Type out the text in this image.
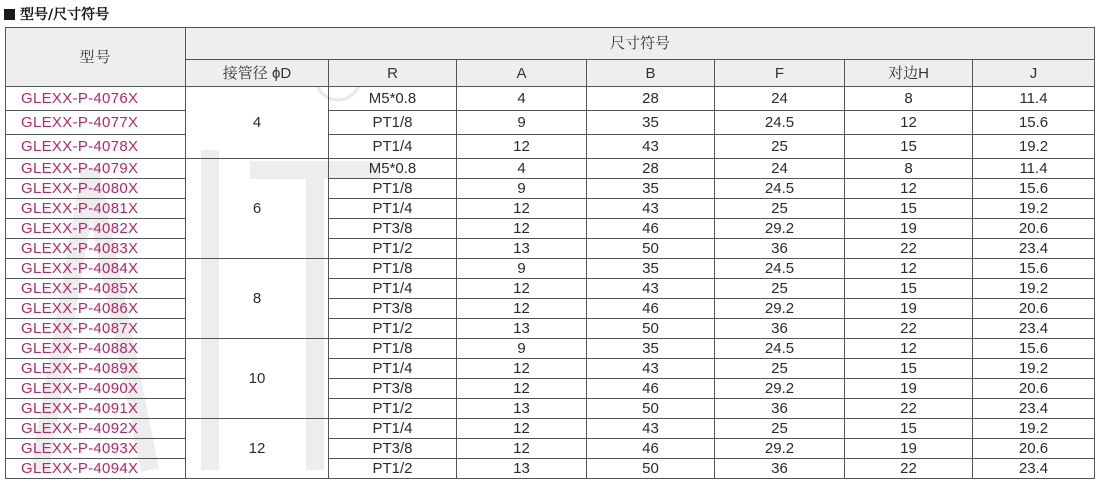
型号/尺寸符号
型号	尺寸符号						
	接管径 ϕD	R	A	B	F	对边H	J
GLEXX-P-4076X	4	M5*0.8	4	28	24	8	11.4
GLEXX-P-4077X		PT1/8	9	35	24.5	12	15.6
GLEXX-P-4078X		PT1/4	12	43	25	15	19.2
GLEXX-P-4079X	6	M5*0.8	4	28	24	8	11.4
GLEXX-P-4080X		PT1/8	9	35	24.5	12	15.6
GLEXX-P-4081X		PT1/4	12	43	25	15	19.2
GLEXX-P-4082X		PT3/8	12	46	29.2	19	20.6
GLEXX-P-4083X		PT1/2	13	50	36	22	23.4
GLEXX-P-4084X	8	PT1/8	9	35	24.5	12	15.6
GLEXX-P-4085X		PT1/4	12	43	25	15	19.2
GLEXX-P-4086X		PT3/8	12	46	29.2	19	20.6
GLEXX-P-4087X		PT1/2	13	50	36	22	23.4
GLEXX-P-4088X	10	PT1/8	9	35	24.5	12	15.6
GLEXX-P-4089X		PT1/4	12	43	25	15	19.2
GLEXX-P-4090X		PT3/8	12	46	29.2	19	20.6
GLEXX-P-4091X		PT1/2	13	50	36	22	23.4
GLEXX-P-4092X	12	PT1/4	12	43	25	15	19.2
GLEXX-P-4093X		PT3/8	12	46	29.2	19	20.6
GLEXX-P-4094X		PT1/2	13	50	36	22	23.4
